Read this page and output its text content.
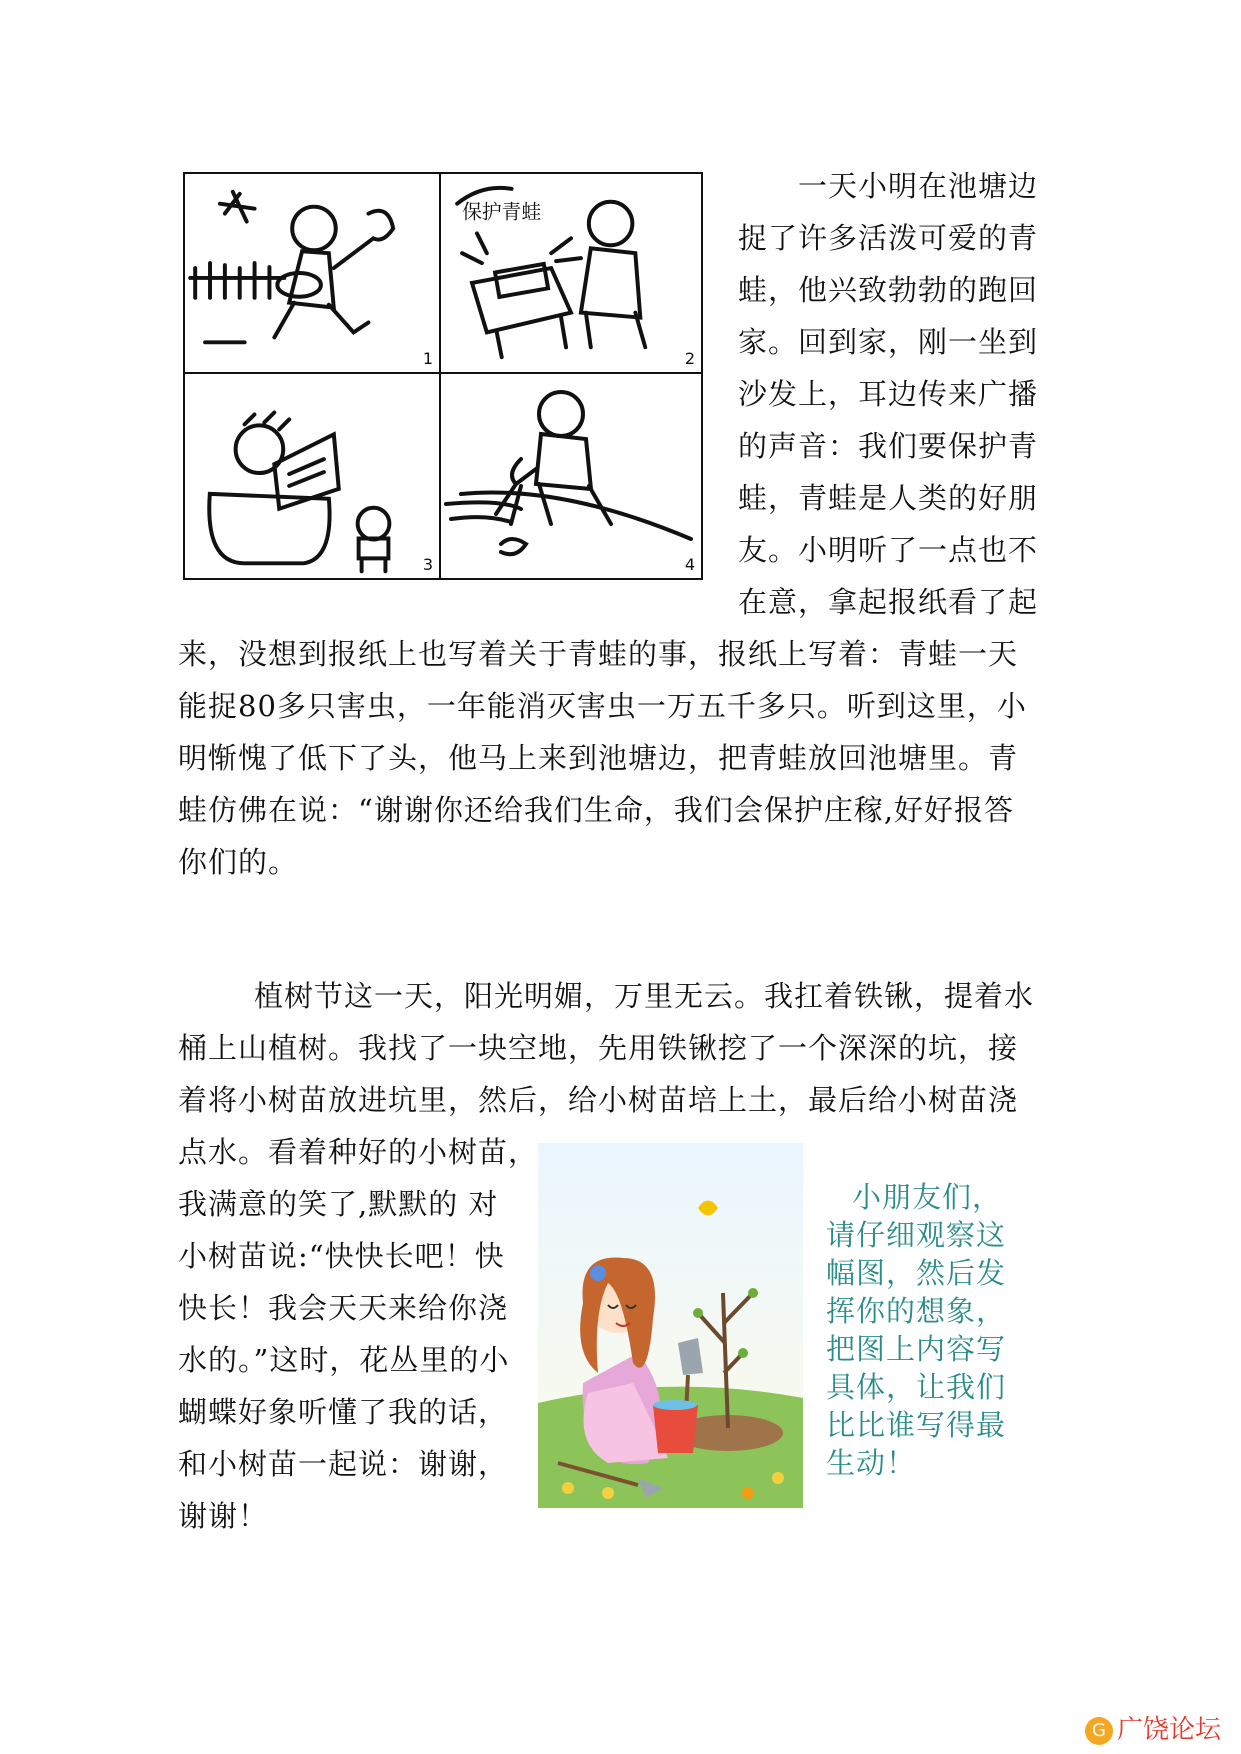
1
保护青蛙
2
3	4
一天小明在池塘边
捉了许多活泼可爱的青
蛙，他兴致勃勃的跑回
家。回到家，刚一坐到
沙发上，耳边传来广播
的声音：我们要保护青
蛙，青蛙是人类的好朋
友。小明听了一点也不
在意，拿起报纸看了起
来，没想到报纸上也写着关于青蛙的事，报纸上写着：青蛙一天
能捉80多只害虫，一年能消灭害虫一万五千多只。听到这里，小
明惭愧了低下了头，他马上来到池塘边，把青蛙放回池塘里。青
蛙仿佛在说：“谢谢你还给我们生命，我们会保护庄稼,好好报答
你们的。
植树节这一天，阳光明媚，万里无云。我扛着铁锹，提着水
桶上山植树。我找了一块空地，先用铁锹挖了一个深深的坑，接
着将小树苗放进坑里，然后，给小树苗培上土，最后给小树苗浇
点水。看着种好的小树苗，
我满意的笑了,默默的 对
小树苗说:“快快长吧！快
快长！我会天天来给你浇
水的。”这时，花丛里的小
蝴蝶好象听懂了我的话，
和小树苗一起说：谢谢，
谢谢！
小朋友们，
请仔细观察这
幅图，然后发
挥你的想象，
把图上内容写
具体，让我们
比比谁写得最
生动！
G 广饶论坛
